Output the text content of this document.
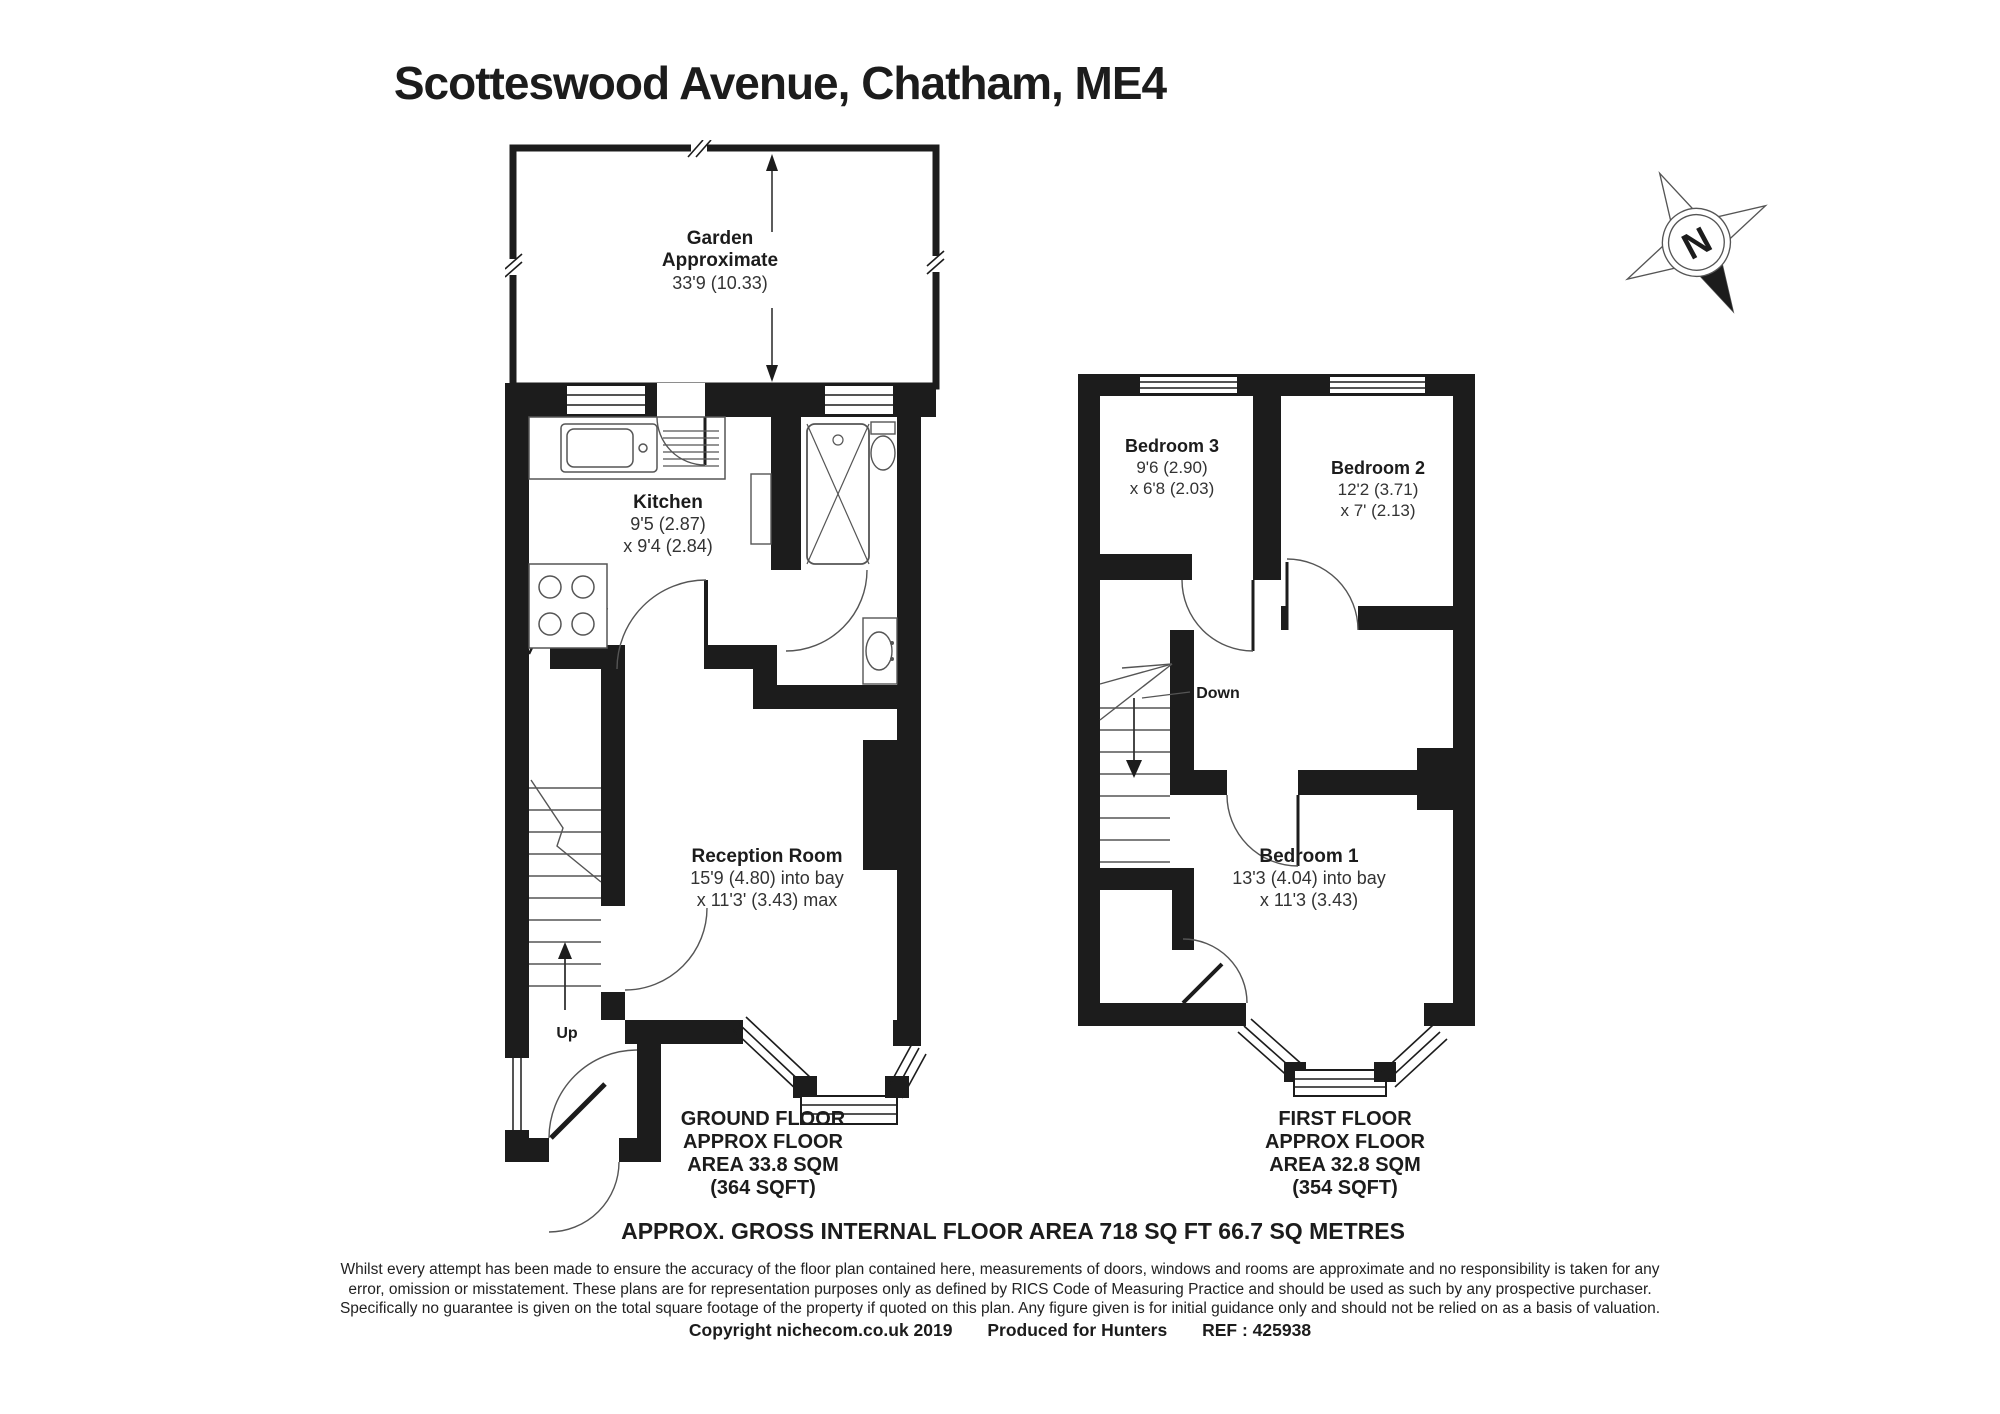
Scotteswood Avenue, Chatham, ME4
N
Garden
Approximate
33'9 (10.33)
Kitchen
9'5 (2.87)
x 9'4 (2.84)
Up
Reception Room
15'9 (4.80) into bay
x 11'3' (3.43) max
Down
Bedroom 3
9'6 (2.90)
x 6'8 (2.03)
Bedroom 2
12'2 (3.71)
x 7' (2.13)
Bedroom 1
13'3 (4.04) into bay
x 11'3 (3.43)
GROUND FLOOR
APPROX FLOOR
AREA 33.8 SQM
(364 SQFT)
FIRST FLOOR
APPROX FLOOR
AREA 32.8 SQM
(354 SQFT)
APPROX. GROSS INTERNAL FLOOR AREA 718 SQ FT 66.7 SQ METRES
Whilst every attempt has been made to ensure the accuracy of the floor plan contained here, measurements of doors, windows and rooms are approximate and no responsibility is taken for any
error, omission or misstatement. These plans are for representation purposes only as defined by RICS Code of Measuring Practice and should be used as such by any prospective purchaser.
Specifically no guarantee is given on the total square footage of the property if quoted on this plan. Any figure given is for initial guidance only and should not be relied on as a basis of valuation.
Copyright nichecom.co.uk 2019 Produced for Hunters REF : 425938
